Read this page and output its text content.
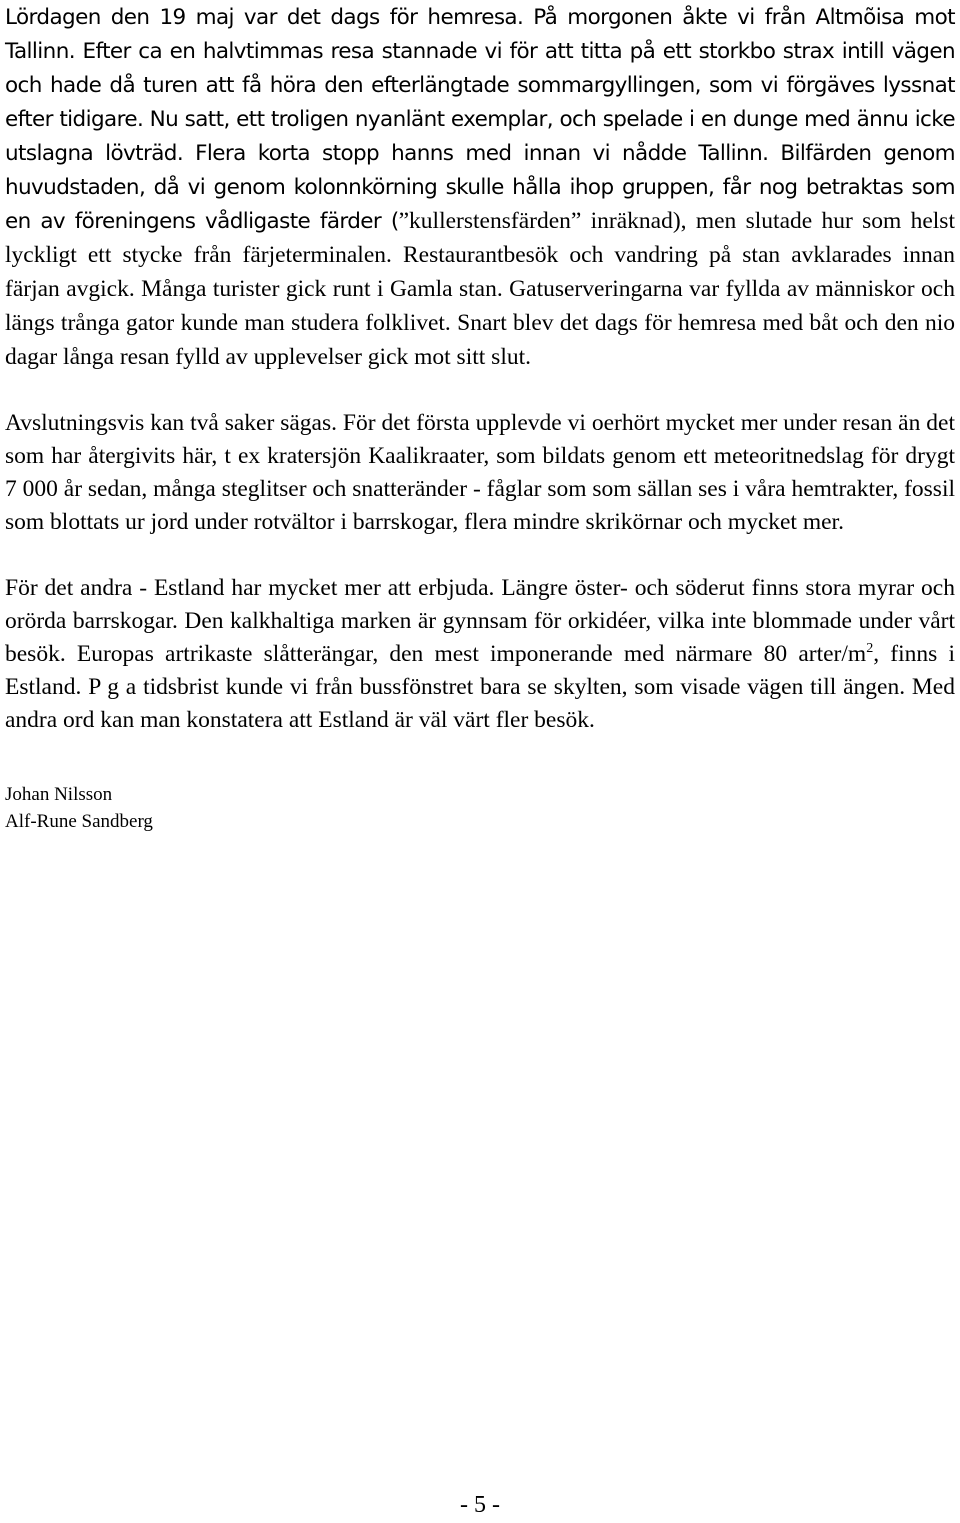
Lördagen den 19 maj var det dags för hemresa. På morgonen åkte vi från Altmõisa mot Tallinn. Efter ca en halvtimmas resa stannade vi för att titta på ett storkbo strax intill vägen och hade då turen att få höra den efterlängtade sommargyllingen, som vi förgäves lyssnat efter tidigare. Nu satt, ett troligen nyanlänt exemplar, och spelade i en dunge med ännu icke utslagna lövträd. Flera korta stopp hanns med innan vi nådde Tallinn. Bilfärden genom huvudstaden, då vi genom kolonnkörning skulle hålla ihop gruppen, får nog betraktas som en av föreningens vådligaste färder (”kullerstensfärden” inräknad), men slutade hur som helst lyckligt ett stycke från färjeterminalen. Restaurantbesök och vandring på stan avklarades innan färjan avgick. Många turister gick runt i Gamla stan. Gatuserveringarna var fyllda av människor och längs trånga gator kunde man studera folklivet. Snart blev det dags för hemresa med båt och den nio dagar långa resan fylld av upplevelser gick mot sitt slut.

Avslutningsvis kan två saker sägas. För det första upplevde vi oerhört mycket mer under resan än det som har återgivits här, t ex kratersjön Kaalikraater, som bildats genom ett meteoritnedslag för drygt 7 000 år sedan, många steglitser och snatteränder - fåglar som som sällan ses i våra hemtrakter, fossil som blottats ur jord under rotvältor i barrskogar, flera mindre skrikörnar och mycket mer.

För det andra - Estland har mycket mer att erbjuda. Längre öster- och söderut finns stora myrar och orörda barrskogar. Den kalkhaltiga marken är gynnsam för orkidéer, vilka inte blommade under vårt besök. Europas artrikaste slåtterängar, den mest imponerande med närmare 80 arter/$m^2$, finns i Estland. P g a tidsbrist kunde vi från bussfönstret bara se skylten, som visade vägen till ängen. Med andra ord kan man konstatera att Estland är väl värt fler besök.

Johan Nilsson
Alf-Rune Sandberg
- 5 -
